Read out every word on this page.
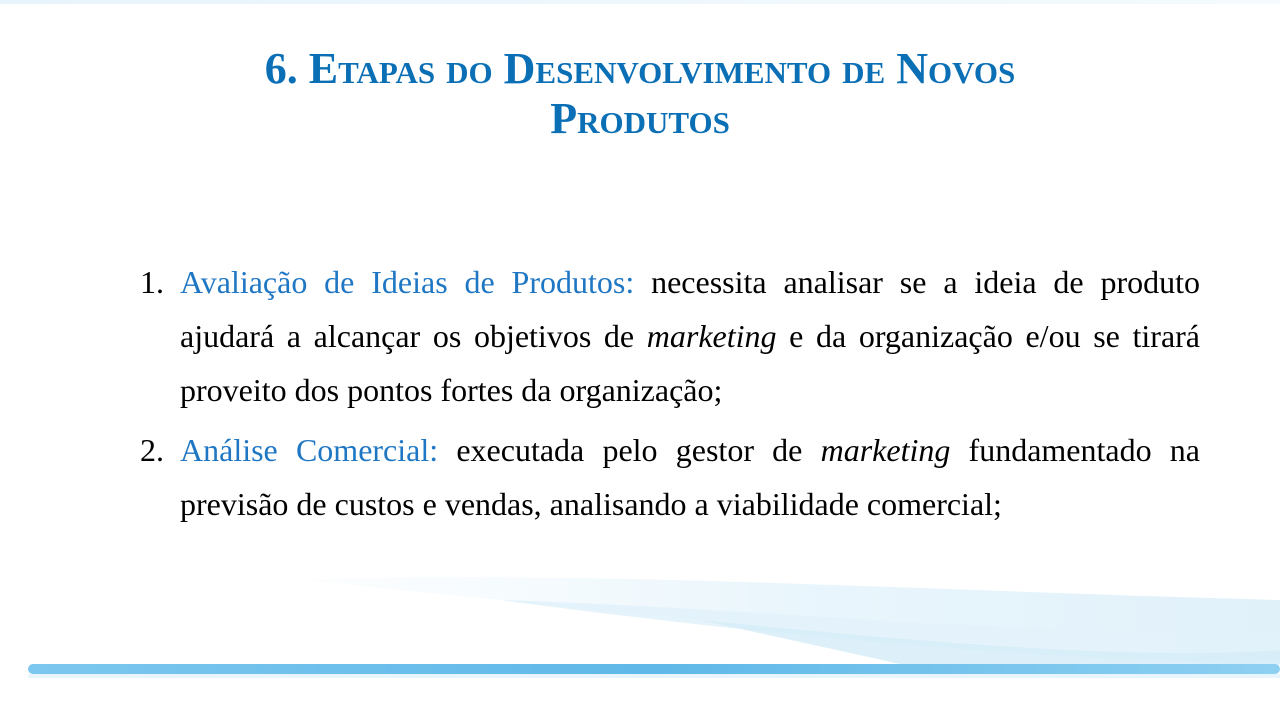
6. Etapas do Desenvolvimento de Novos
Produtos
1. Avaliação de Ideias de Produtos: necessita analisar se a ideia de produto ajudará a alcançar os objetivos de marketing e da organização e/ou se tirará proveito dos pontos fortes da organização;
2. Análise Comercial: executada pelo gestor de marketing fundamentado na previsão de custos e vendas, analisando a viabilidade comercial;
